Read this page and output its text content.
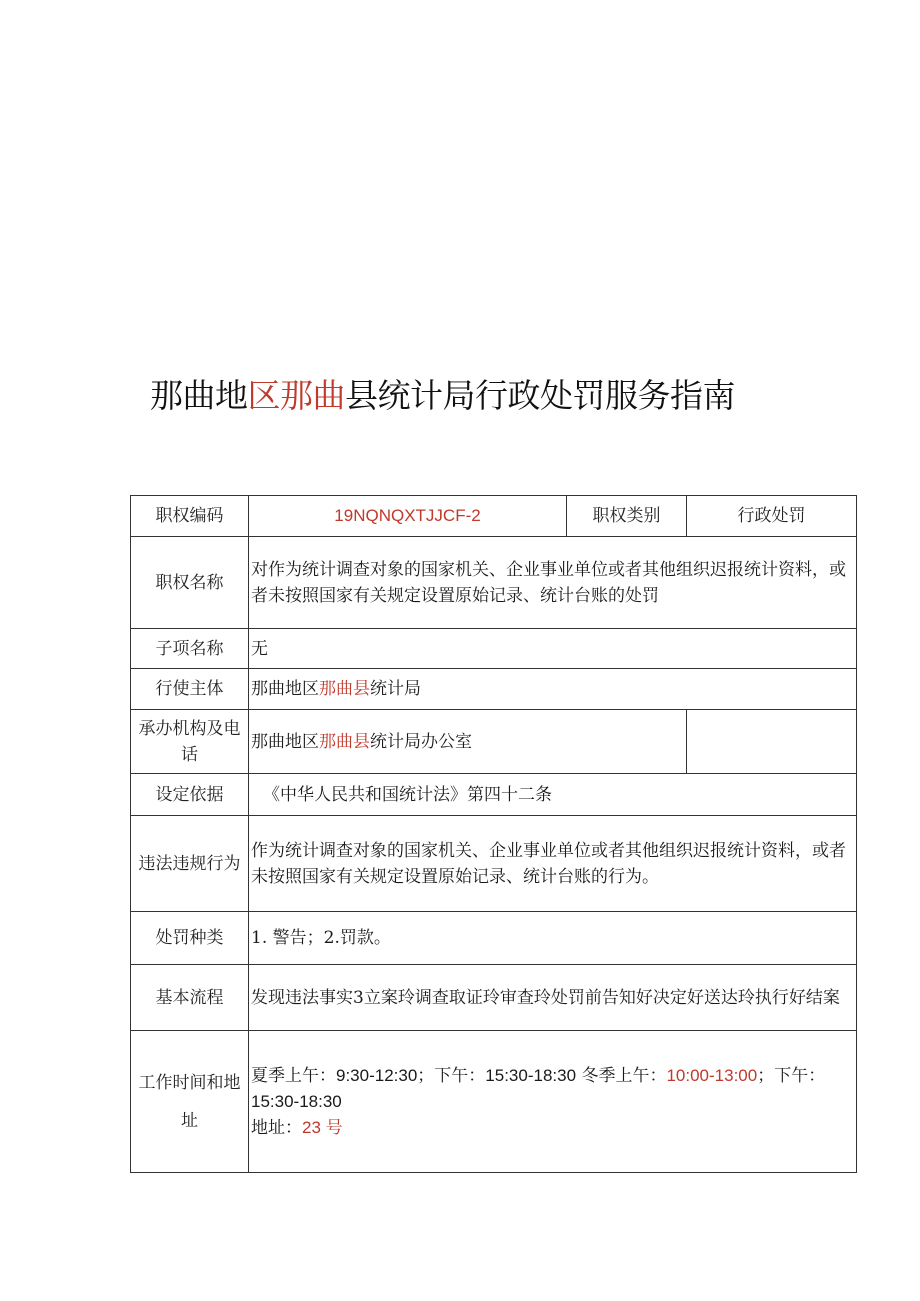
那曲地区那曲县统计局行政处罚服务指南
职权编码	19NQNQXTJJCF-2	职权类别	行政处罚
职权名称	对作为统计调查对象的国家机关、企业事业单位或者其他组织迟报统计资料，或者未按照国家有关规定设置原始记录、统计台账的处罚		
子项名称	无		
行使主体	那曲地区那曲县统计局		
承办机构及电话	那曲地区那曲县统计局办公室		
设定依据	《中华人民共和国统计法》第四十二条		
违法违规行为	作为统计调查对象的国家机关、企业事业单位或者其他组织迟报统计资料，或者未按照国家有关规定设置原始记录、统计台账的行为。		
处罚种类	1. 警告；2.罚款。		
基本流程	发现违法事实3立案玲调查取证玲审查玲处罚前告知好决定好送达玲执行好结案		
工作时间和地址	夏季上午：9:30-12:30；下午：15:30-18:30 冬季上午：10:00-13:00；下午：15:30-18:30
地址：23 号		
